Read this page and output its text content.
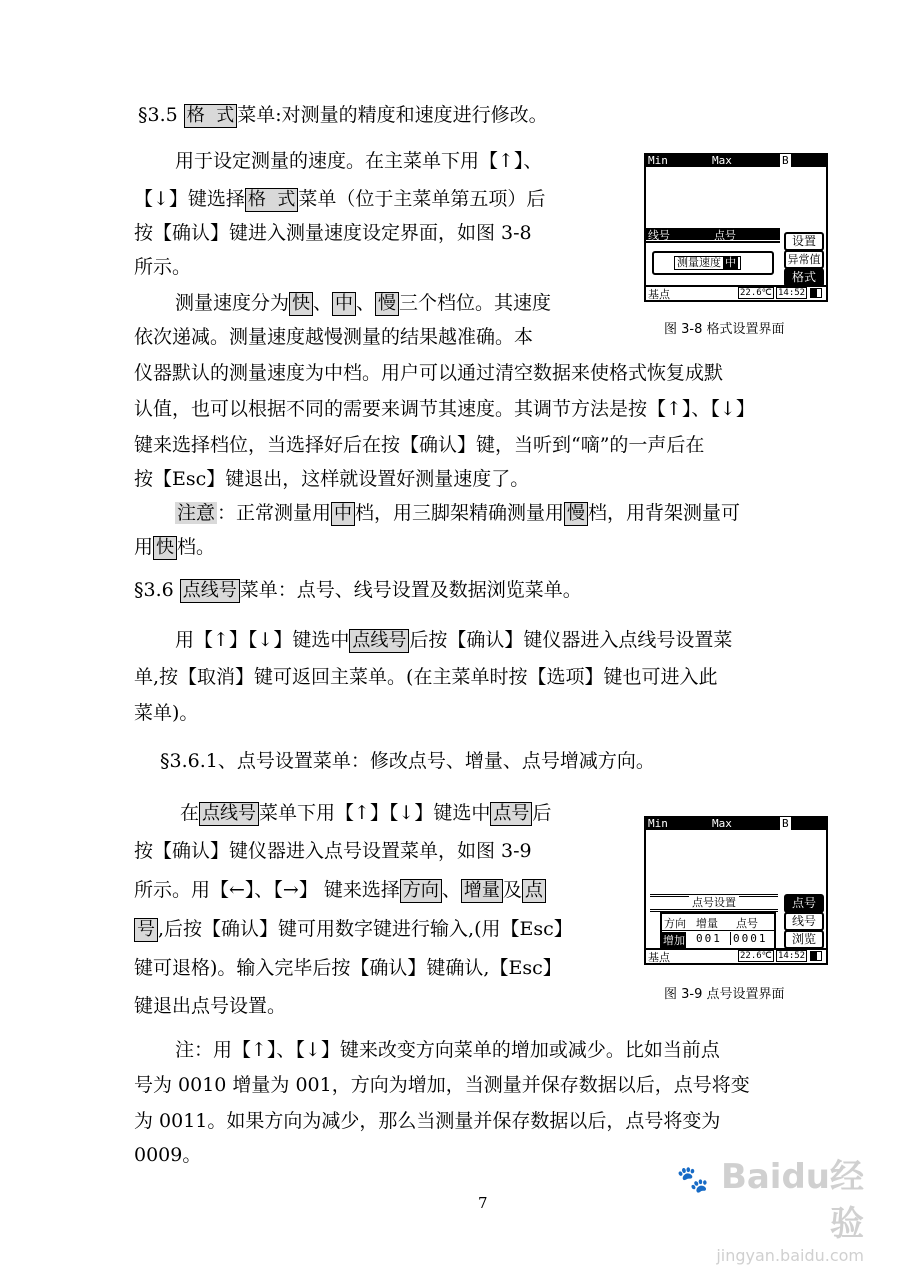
§3.5 格  式 菜单:对测量的精度和速度进行修改。
用于设定测量的速度。在主菜单下用【↑】、
【↓】键选择 格  式 菜单（位于主菜单第五项）后
按【确认】键进入测量速度设定界面，如图 3-8
所示。
测量速度分为 快 、 中 、 慢 三个档位。其速度
依次递减。测量速度越慢测量的结果越准确。本
仪器默认的测量速度为中档。用户可以通过清空数据来使格式恢复成默
认值，也可以根据不同的需要来调节其速度。其调节方法是按【↑】、【↓】
键来选择档位，当选择好后在按【确认】键，当听到“嘀”的一声后在
按【Esc】键退出，这样就设置好测量速度了。
注意 ：正常测量用 中 档，用三脚架精确测量用 慢 档，用背架测量可
用 快 档。
Min	Max	B
线号	点号
测量速度 中
设置
异常值
格式
基点	22.6℃ 14:52
图 3-8 格式设置界面
§3.6 点线号 菜单：点号、线号设置及数据浏览菜单。
用【↑】【↓】键选中 点线号 后按【确认】键仪器进入点线号设置菜
单,按【取消】键可返回主菜单。(在主菜单时按【选项】键也可进入此
菜单)。
§3.6.1、点号设置菜单：修改点号、增量、点号增减方向。
在 点线号 菜单下用【↑】【↓】键选中 点号 后
按【确认】键仪器进入点号设置菜单，如图 3-9
所示。用【←】、【→】 键来选择 方向 、 增量 及 点
号 ,后按【确认】键可用数字键进行输入,(用【Esc】
键可退格)。输入完毕后按【确认】键确认,【Esc】
键退出点号设置。
Min	Max	B
点号设置
方向 增量 点号
增加 001 0001
点号
线号
浏览
基点	22.6℃ 14:52
图 3-9 点号设置界面
注：用【↑】、【↓】键来改变方向菜单的增加或减少。比如当前点
号为 0010 增量为 001，方向为增加，当测量并保存数据以后，点号将变
为 0011。如果方向为减少，那么当测量并保存数据以后，点号将变为
0009。
7
🐾 Baidu经验
jingyan.baidu.com
